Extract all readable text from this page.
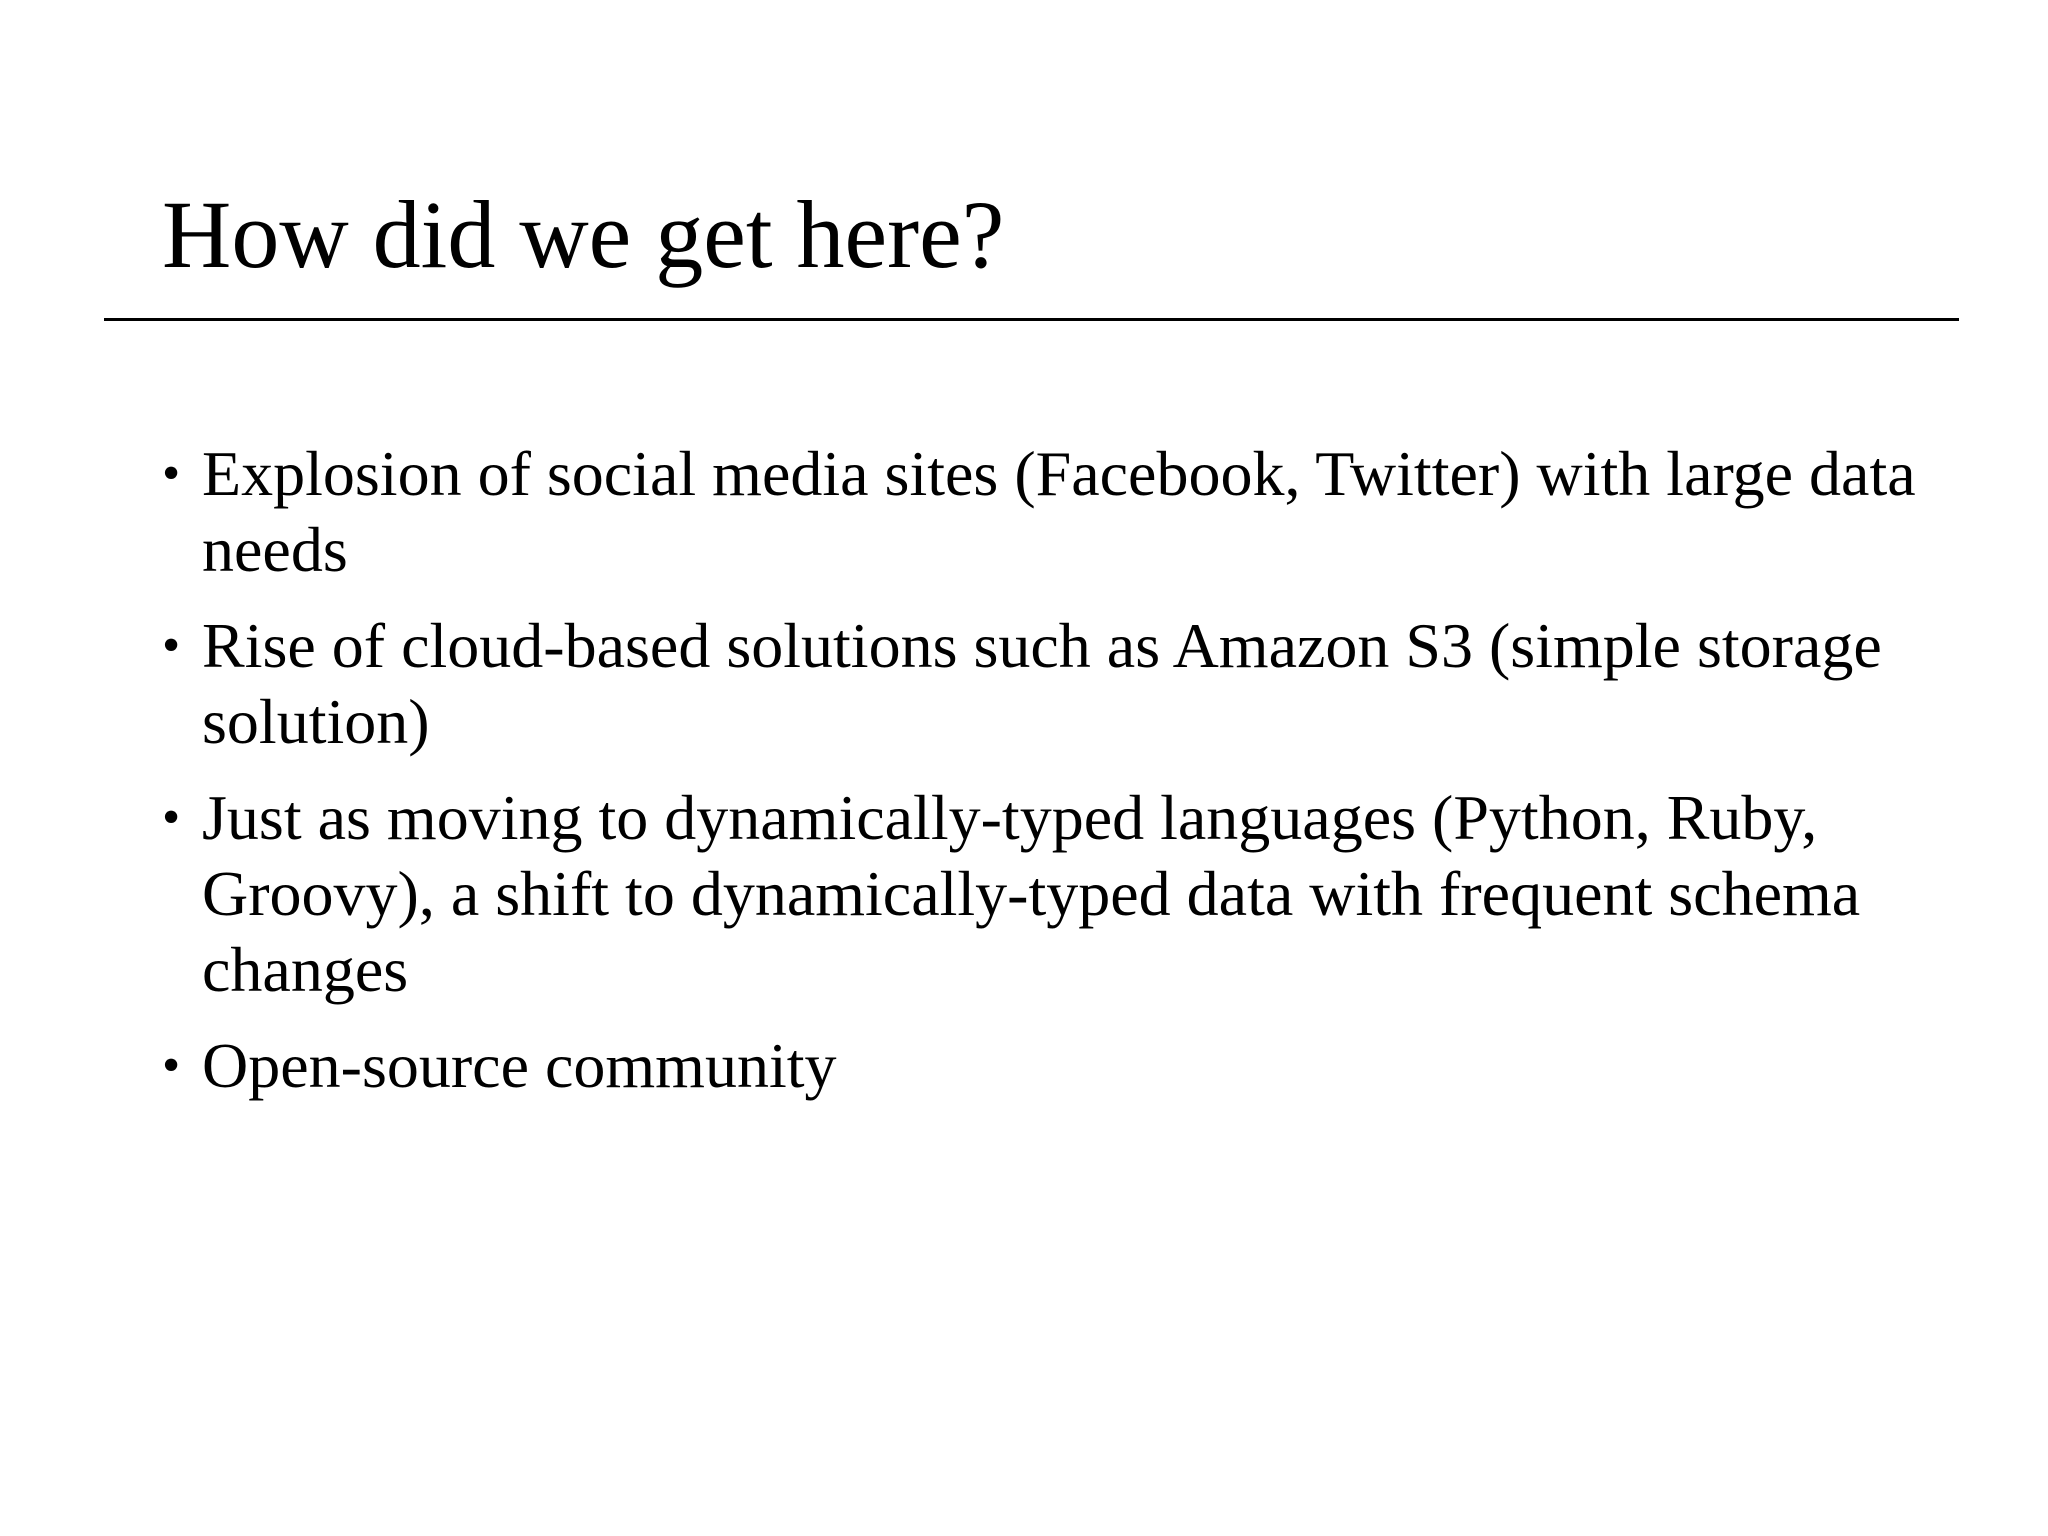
How did we get here?
• Explosion of social media sites (Facebook, Twitter) with large data needs
• Rise of cloud-based solutions such as Amazon S3 (simple storage solution)
• Just as moving to dynamically-typed languages (Python, Ruby, Groovy), a shift to dynamically-typed data with frequent schema changes
• Open-source community
